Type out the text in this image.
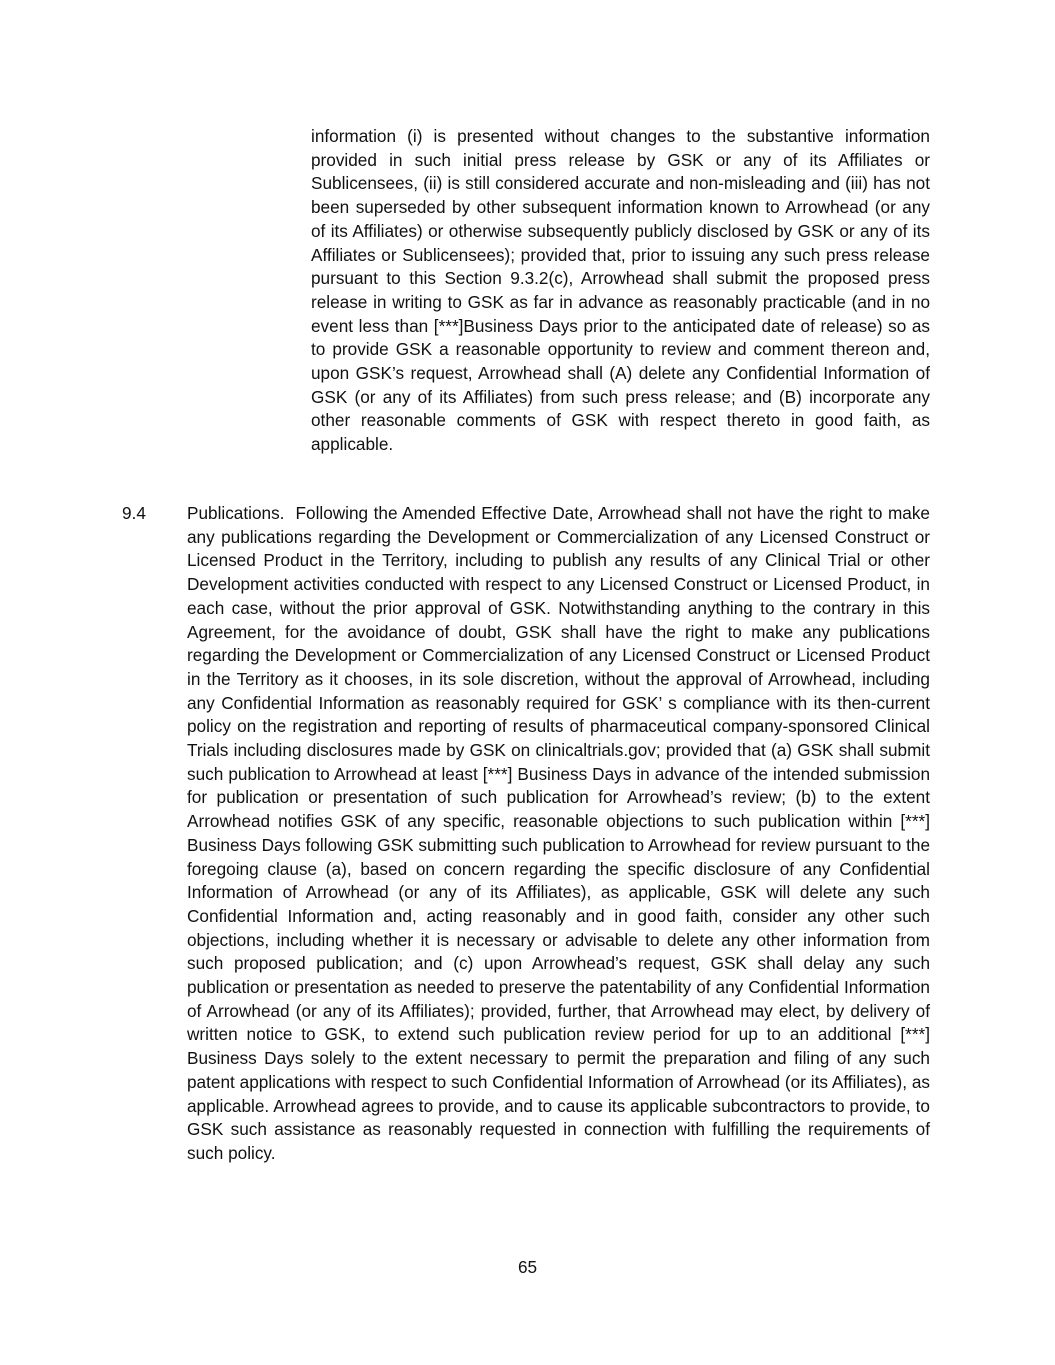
information (i) is presented without changes to the substantive information provided in such initial press release by GSK or any of its Affiliates or Sublicensees, (ii) is still considered accurate and non-misleading and (iii) has not been superseded by other subsequent information known to Arrowhead (or any of its Affiliates) or otherwise subsequently publicly disclosed by GSK or any of its Affiliates or Sublicensees); provided that, prior to issuing any such press release pursuant to this Section 9.3.2(c), Arrowhead shall submit the proposed press release in writing to GSK as far in advance as reasonably practicable (and in no event less than [***]Business Days prior to the anticipated date of release) so as to provide GSK a reasonable opportunity to review and comment thereon and, upon GSK’s request, Arrowhead shall (A) delete any Confidential Information of GSK (or any of its Affiliates) from such press release; and (B) incorporate any other reasonable comments of GSK with respect thereto in good faith, as applicable.

9.4 Publications. Following the Amended Effective Date, Arrowhead shall not have the right to make any publications regarding the Development or Commercialization of any Licensed Construct or Licensed Product in the Territory, including to publish any results of any Clinical Trial or other Development activities conducted with respect to any Licensed Construct or Licensed Product, in each case, without the prior approval of GSK. Notwithstanding anything to the contrary in this Agreement, for the avoidance of doubt, GSK shall have the right to make any publications regarding the Development or Commercialization of any Licensed Construct or Licensed Product in the Territory as it chooses, in its sole discretion, without the approval of Arrowhead, including any Confidential Information as reasonably required for GSK’ s compliance with its then-current policy on the registration and reporting of results of pharmaceutical company-sponsored Clinical Trials including disclosures made by GSK on clinicaltrials.gov; provided that (a) GSK shall submit such publication to Arrowhead at least [***] Business Days in advance of the intended submission for publication or presentation of such publication for Arrowhead’s review; (b) to the extent Arrowhead notifies GSK of any specific, reasonable objections to such publication within [***] Business Days following GSK submitting such publication to Arrowhead for review pursuant to the foregoing clause (a), based on concern regarding the specific disclosure of any Confidential Information of Arrowhead (or any of its Affiliates), as applicable, GSK will delete any such Confidential Information and, acting reasonably and in good faith, consider any other such objections, including whether it is necessary or advisable to delete any other information from such proposed publication; and (c) upon Arrowhead’s request, GSK shall delay any such publication or presentation as needed to preserve the patentability of any Confidential Information of Arrowhead (or any of its Affiliates); provided, further, that Arrowhead may elect, by delivery of written notice to GSK, to extend such publication review period for up to an additional [***] Business Days solely to the extent necessary to permit the preparation and filing of any such patent applications with respect to such Confidential Information of Arrowhead (or its Affiliates), as applicable. Arrowhead agrees to provide, and to cause its applicable subcontractors to provide, to GSK such assistance as reasonably requested in connection with fulfilling the requirements of such policy.

65
